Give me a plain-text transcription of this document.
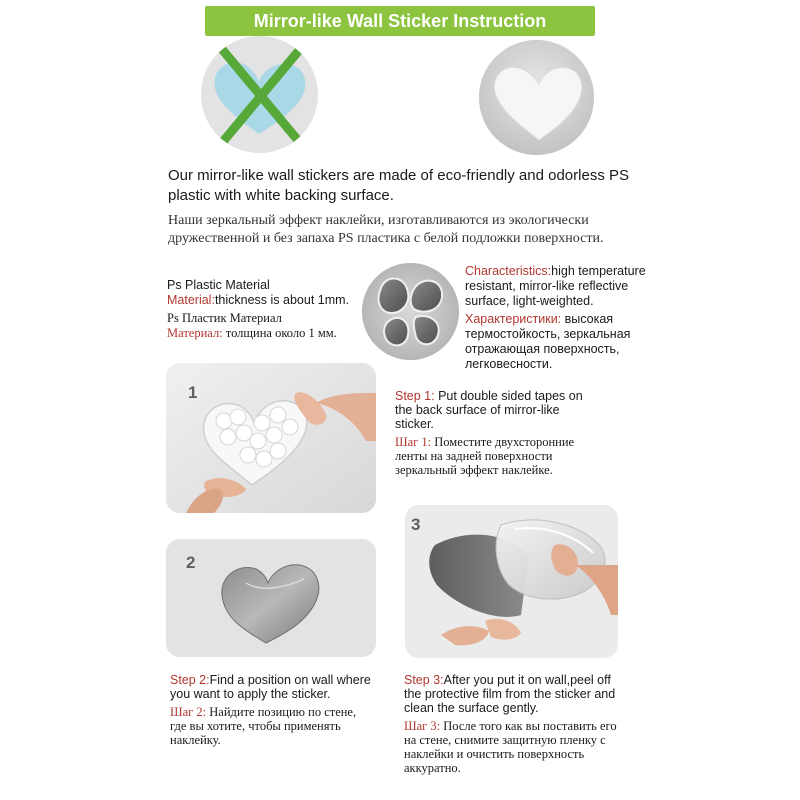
Mirror-like Wall Sticker Instruction
Our mirror-like wall stickers are made of eco-friendly and odorless PS plastic with white backing surface.
Наши зеркальный эффект наклейки, изготавливаются из экологически дружественной и без запаха PS пластика с белой подложки поверхности.
Ps Plastic Material
Material:thickness is about 1mm.
Ps Пластик Материал
Материал: толщина около 1 мм.
Characteristics:high temperature resistant, mirror-like reflective surface, light-weighted.
Характеристики: высокая термостойкость, зеркальная отражающая поверхность, легковесности.
1	Step 1: Put double sided tapes on the back surface of mirror-like sticker.
Шаг 1: Поместите двухсторонние ленты на задней поверхности зеркальный эффект наклейке.
2
3
Step 2:Find a position on wall where you want to apply the sticker.
Шаг 2: Найдите позицию по стене, где вы хотите, чтобы применять наклейку.
Step 3:After you put it on wall,peel off the protective film from the sticker and clean the surface gently.
Шаг 3: После того как вы поставить его на стене, снимите защитную пленку с наклейки и очистить поверхность аккуратно.
